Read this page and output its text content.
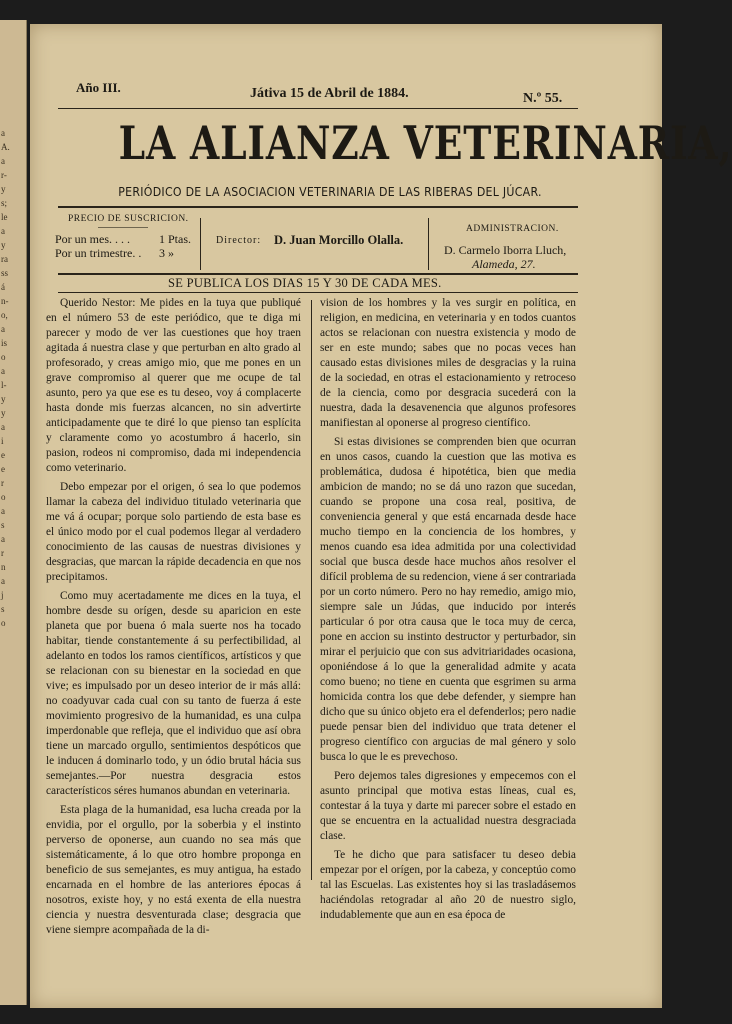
a
A.
a
r-
y
s;
le
a
y
ra
ss
á
n-
o,
a
is
o
a
l-
y
y
a
i
e
e
r
o
a
s
a
r
n
a
j
s
o
Año III.	Játiva 15 de Abril de 1884.	N.º 55.
LA ALIANZA VETERINARIA,
PERIÓDICO DE LA ASOCIACION VETERINARIA DE LAS RIBERAS DEL JÚCAR.
PRECIO DE SUSCRICION.
Por un mes. . . . 1 Ptas.
Por un trimestre. . 3 »
Director: D. Juan Morcillo Olalla.
ADMINISTRACION.
D. Carmelo Iborra Lluch,
Alameda, 27.
SE PUBLICA LOS DIAS 15 Y 30 DE CADA MES.

Querido Nestor: Me pides en la tuya que publiqué en el número 53 de este periódico, que te diga mi parecer y modo de ver las cuestiones que hoy traen agitada á nuestra clase y que perturban en alto grado al profesorado, y creas amigo mio, que me pones en un grave compromiso al querer que me ocupe de tal asunto, pero ya que ese es tu deseo, voy á complacerte hasta donde mis fuerzas alcancen, no sin advertirte anticipadamente que te diré lo que pienso tan esplícita y claramente como yo acostumbro á hacerlo, sin pasion, rodeos ni compromiso, dada mi independencia como veterinario.

Debo empezar por el origen, ó sea lo que podemos llamar la cabeza del individuo titulado veterinaria que me vá á ocupar; porque solo partiendo de esta base es el único modo por el cual podemos llegar al verdadero conocimiento de las causas de nuestras divisiones y desgracias, que marcan la rápide decadencia en que nos precipitamos.

Como muy acertadamente me dices en la tuya, el hombre desde su orígen, desde su aparicion en este planeta que por buena ó mala suerte nos ha tocado habitar, tiende constantemente á su perfectibilidad, al adelanto en todos los ramos científicos, artísticos y que se relacionan con su bienestar en la sociedad en que vive; es impulsado por un deseo interior de ir más allá: no coadyuvar cada cual con su tanto de fuerza á este movimiento progresivo de la humanidad, es una culpa imperdonable que refleja, que el individuo que así obra tiene un marcado orgullo, sentimientos despóticos que le inducen á dominarlo todo, y un ódio brutal hácia sus semejantes.—Por nuestra desgracia estos característicos séres humanos abundan en veterinaria.

Esta plaga de la humanidad, esa lucha creada por la envidia, por el orgullo, por la soberbia y el instinto perverso de oponerse, aun cuando no sea más que sistemáticamente, á lo que otro hombre proponga en beneficio de sus semejantes, es muy antigua, ha estado encarnada en el hombre de las anteriores épocas á nosotros, existe hoy, y no está exenta de ella nuestra ciencia y nuestra desventurada clase; desgracia que viene siempre acompañada de la di-

vision de los hombres y la ves surgir en política, en religion, en medicina, en veterinaria y en todos cuantos actos se relacionan con nuestra existencia y modo de ser en este mundo; sabes que no pocas veces han causado estas divisiones miles de desgracias y la ruina de la sociedad, en otras el estacionamiento y retroceso de la ciencia, como por desgracia sucederá con la nuestra, dada la desavenencia que algunos profesores manifiestan al oponerse al progreso científico.

Si estas divisiones se comprenden bien que ocurran en unos casos, cuando la cuestion que las motiva es problemática, dudosa é hipotética, bien que media ambicion de mando; no se dá uno razon que sucedan, cuando se propone una cosa real, positiva, de conveniencia general y que está encarnada desde hace mucho tiempo en la conciencia de los hombres, y menos cuando esa idea admitida por una colectividad social que busca desde hace muchos años resolver el difícil problema de su redencion, viene á ser contrariada por un corto número. Pero no hay remedio, amigo mio, siempre sale un Júdas, que inducido por interés particular ó por otra causa que le toca muy de cerca, pone en accion su instinto destructor y perturbador, sin mirar el perjuicio que con sus advitriaridades ocasiona, oponiéndose á lo que la generalidad admite y acata como bueno; no tiene en cuenta que esgrimen su arma homicida contra los que debe defender, y siempre han dicho que su único objeto era el defenderlos; pero nadie puede pensar bien del individuo que trata detener el progreso científico con argucias de mal género y solo busca lo que le es prevechoso.

Pero dejemos tales digresiones y empecemos con el asunto principal que motiva estas líneas, cual es, contestar á la tuya y darte mi parecer sobre el estado en que se encuentra en la actualidad nuestra desgraciada clase.

Te he dicho que para satisfacer tu deseo debia empezar por el orígen, por la cabeza, y conceptúo como tal las Escuelas. Las existentes hoy si las trasladásemos haciéndolas retogradar al año 20 de nuestro siglo, indudablemente que aun en esa época de
